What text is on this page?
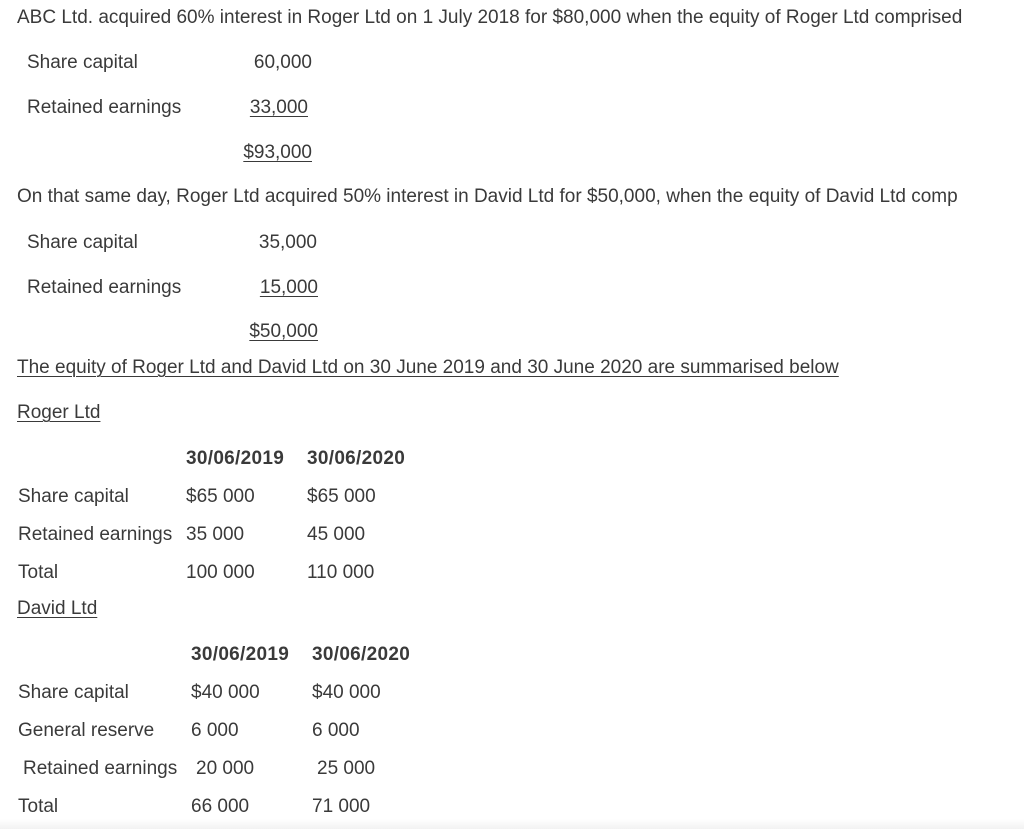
ABC Ltd. acquired 60% interest in Roger Ltd on 1 July 2018 for $80,000 when the equity of Roger Ltd comprised
Share capital	60,000
Retained earnings	33,000
$93,000
On that same day, Roger Ltd acquired 50% interest in David Ltd for $50,000, when the equity of David Ltd comp
Share capital	35,000
Retained earnings	15,000
$50,000
The equity of Roger Ltd and David Ltd on 30 June 2019 and 30 June 2020 are summarised below
Roger Ltd
30/06/2019 30/06/2020
Share capital	$65 000	$65 000
Retained earnings 35 000	45 000
Total	100 000	110 000
David Ltd
30/06/2019 30/06/2020
Share capital	$40 000	$40 000
General reserve 6 000	6 000
Retained earnings 20 000	25 000
Total	66 000	71 000
